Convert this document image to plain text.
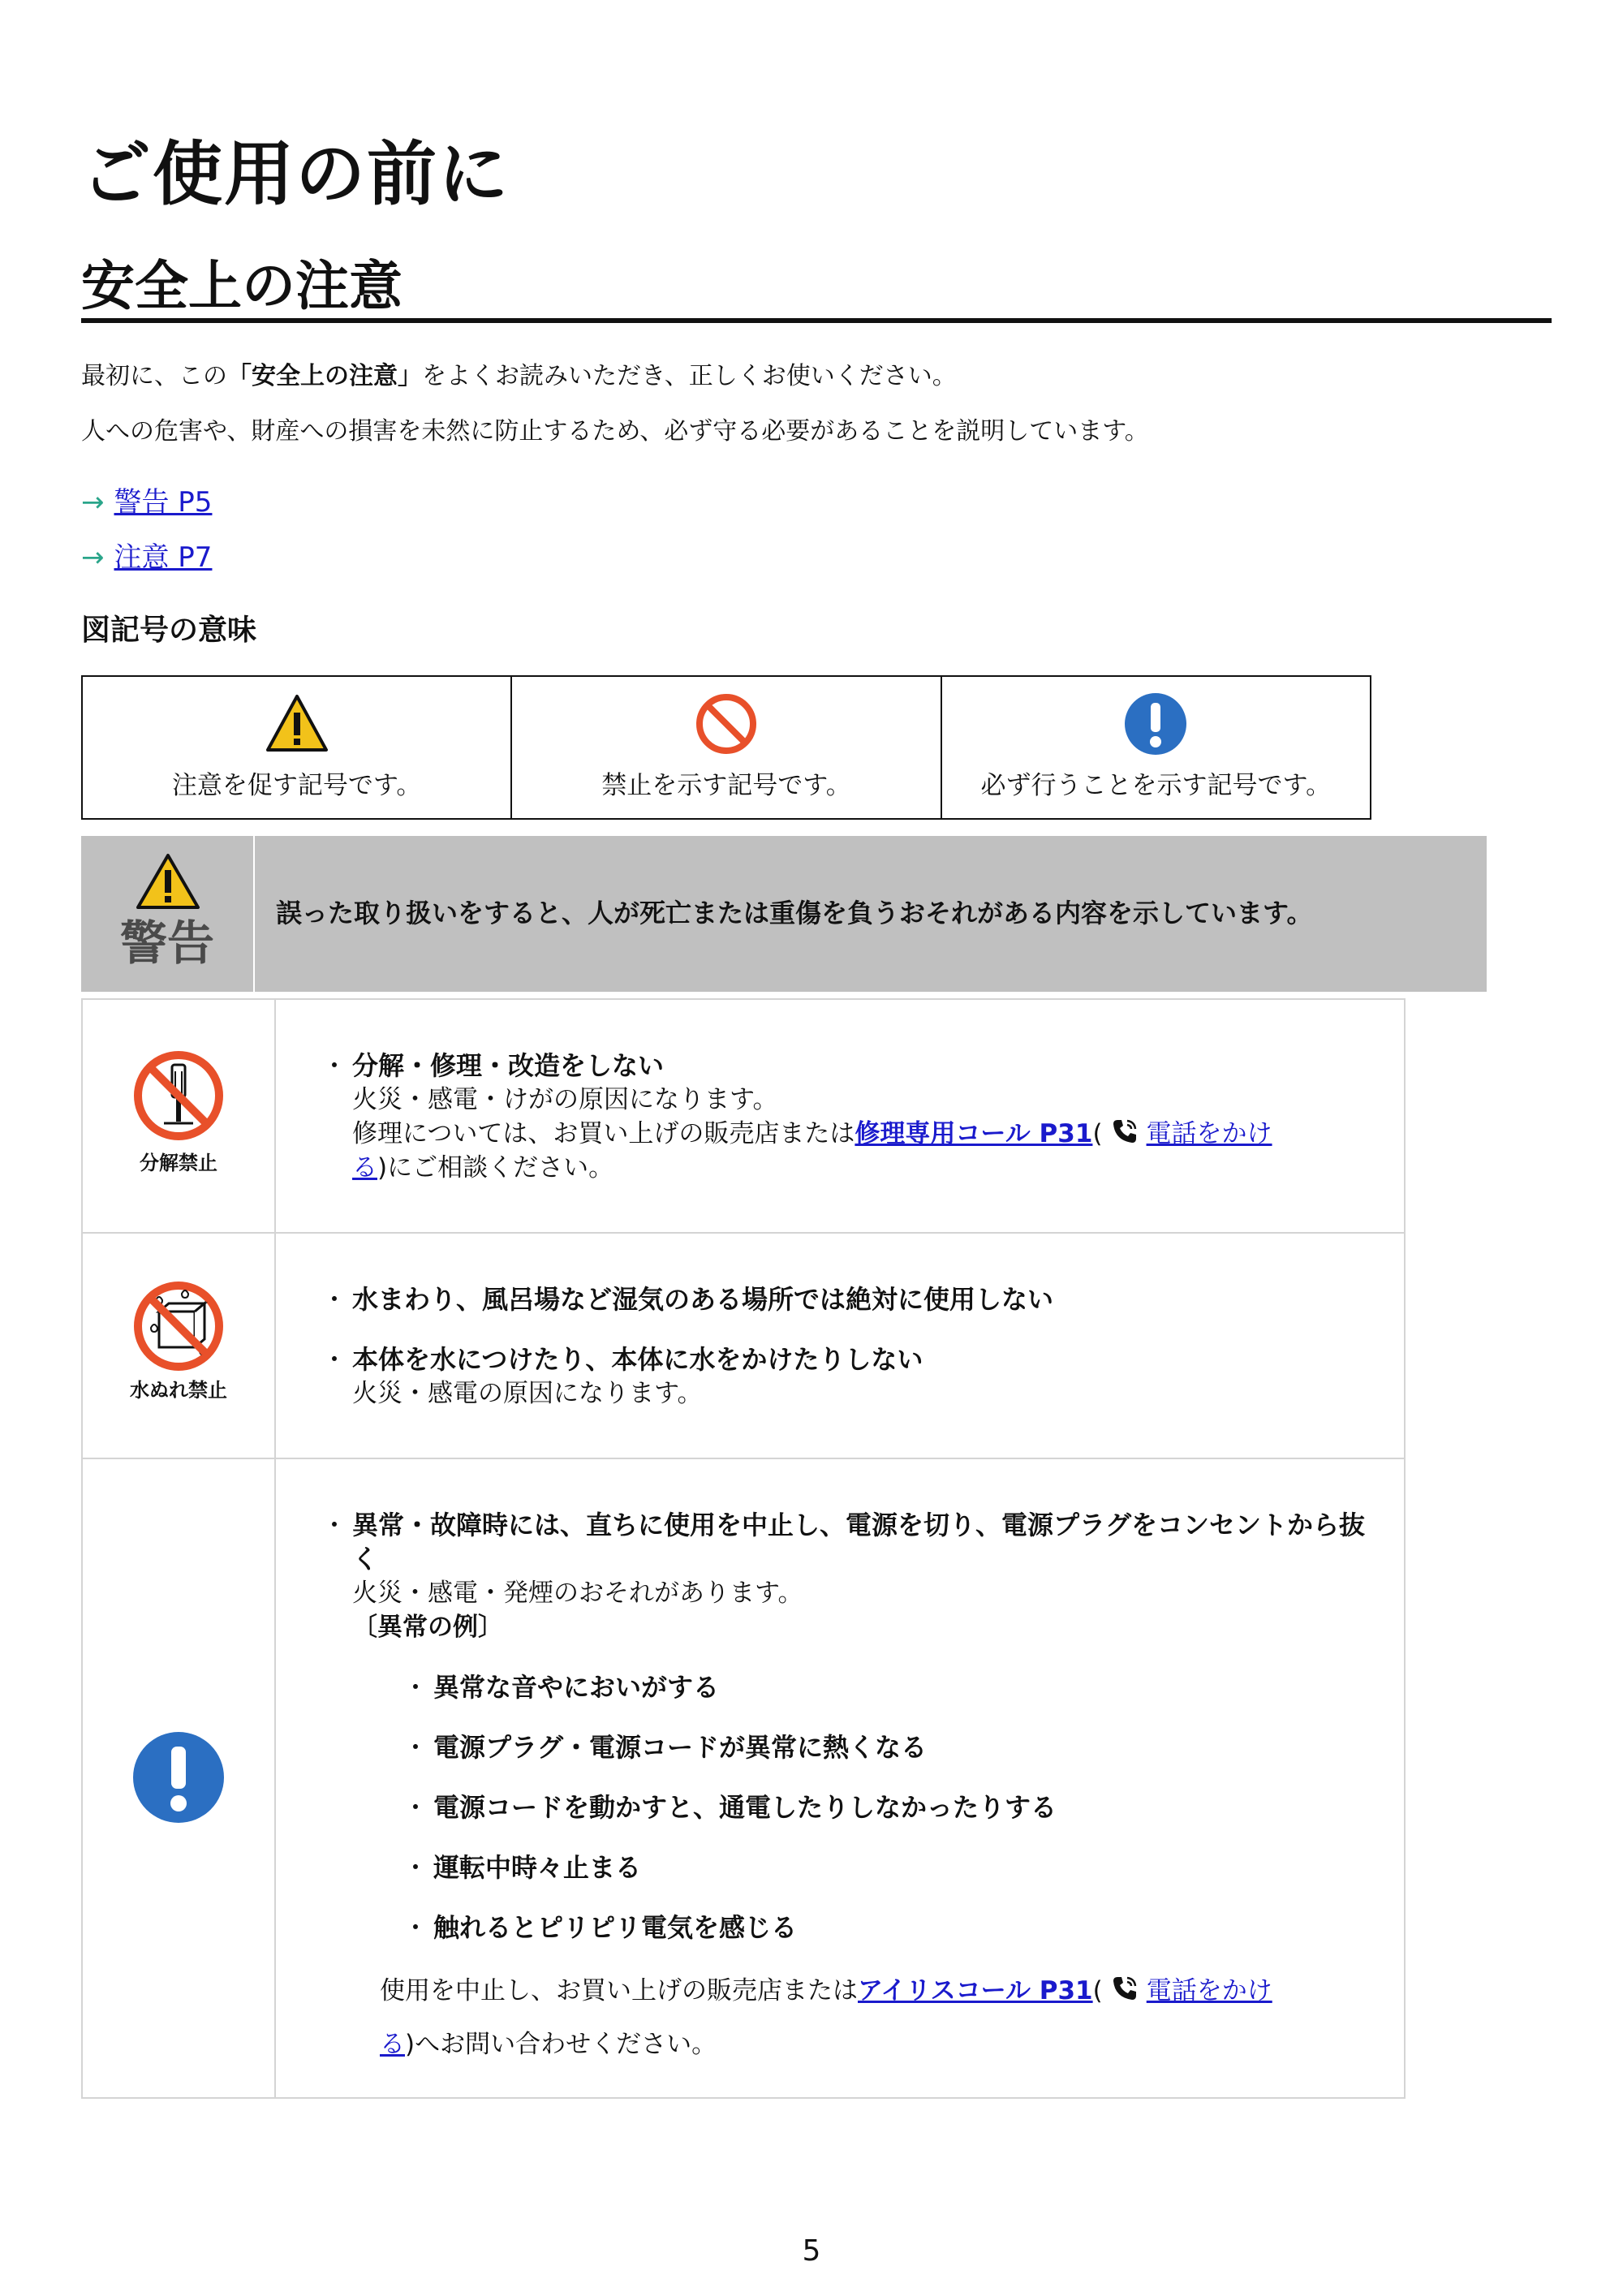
ご使用の前に
安全上の注意
最初に、この「安全上の注意」をよくお読みいただき、正しくお使いください。
人への危害や、財産への損害を未然に防止するため、必ず守る必要があることを説明しています。
→ 警告 P5
→ 注意 P7
図記号の意味
注意を促す記号です。	禁止を示す記号です。	必ず行うことを示す記号です。
警告
誤った取り扱いをすると、人が死亡または重傷を負うおそれがある内容を示しています。
分解禁止
・ 分解・修理・改造をしない
火災・感電・けがの原因になります。
修理については、お買い上げの販売店または修理専用コール P31( 電話をかけ
る)にご相談ください。
水ぬれ禁止
・ 水まわり、風呂場など湿気のある場所では絶対に使用しない
・ 本体を水につけたり、本体に水をかけたりしない
火災・感電の原因になります。
・ 異常・故障時には、直ちに使用を中止し、電源を切り、電源プラグをコンセントから抜
く
火災・感電・発煙のおそれがあります。
〔異常の例〕
・ 異常な音やにおいがする
・ 電源プラグ・電源コードが異常に熱くなる
・ 電源コードを動かすと、通電したりしなかったりする
・ 運転中時々止まる
・ 触れるとピリピリ電気を感じる
使用を中止し、お買い上げの販売店またはアイリスコール P31( 電話をかけ
る)へお問い合わせください。
5
